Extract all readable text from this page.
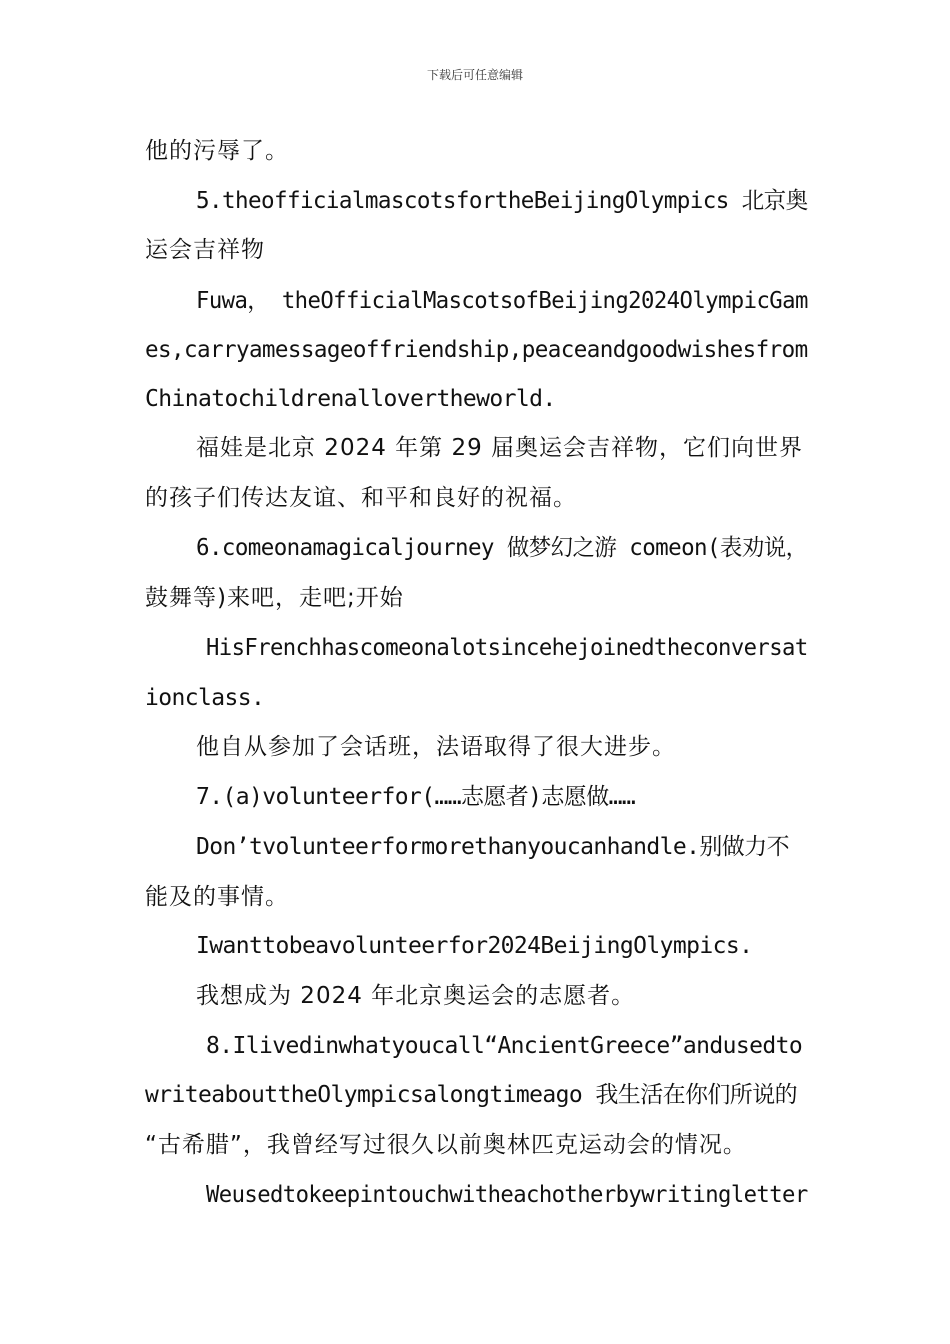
下载后可任意编辑
他的污辱了。
5.theofficialmascotsfortheBeijingOlympics 北京奥
运会吉祥物
Fuwa， theOfficialMascotsofBeijing2024OlympicGam
es,carryamessageoffriendship,peaceandgoodwishesfrom
Chinatochildrenallovertheworld.
福娃是北京 2024 年第 29 届奥运会吉祥物，它们向世界
的孩子们传达友谊、和平和良好的祝福。
6.comeonamagicaljourney 做梦幻之游 comeon(表劝说，
鼓舞等)来吧，走吧;开始
HisFrenchhascomeonalotsincehejoinedtheconversat
ionclass.
他自从参加了会话班，法语取得了很大进步。
7.(a)volunteerfor(……志愿者)志愿做……
Don’tvolunteerformorethanyoucanhandle.别做力不
能及的事情。
Iwanttobeavolunteerfor2024BeijingOlympics.
我想成为 2024 年北京奥运会的志愿者。
8.Ilivedinwhatyoucall“AncientGreece”andusedto
writeabouttheOlympicsalongtimeago 我生活在你们所说的
“古希腊”，我曾经写过很久以前奥林匹克运动会的情况。
Weusedtokeepintouchwitheachotherbywritingletter
